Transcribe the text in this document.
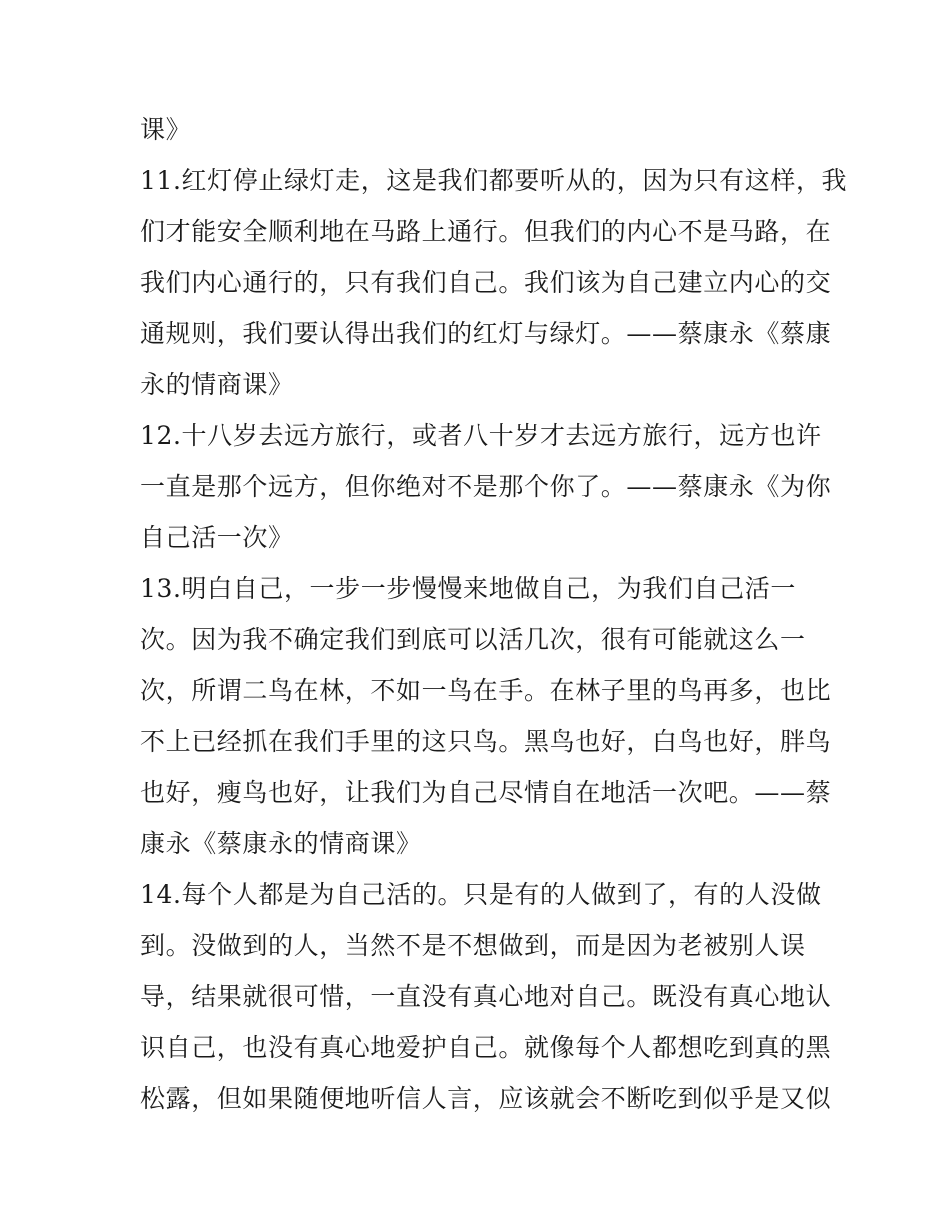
课》
11.红灯停止绿灯走，这是我们都要听从的，因为只有这样，我
们才能安全顺利地在马路上通行。但我们的内心不是马路，在
我们内心通行的，只有我们自己。我们该为自己建立内心的交
通规则，我们要认得出我们的红灯与绿灯。——蔡康永《蔡康
永的情商课》
12.十八岁去远方旅行，或者八十岁才去远方旅行，远方也许
一直是那个远方，但你绝对不是那个你了。——蔡康永《为你
自己活一次》
13.明白自己，一步一步慢慢来地做自己，为我们自己活一
次。因为我不确定我们到底可以活几次，很有可能就这么一
次，所谓二鸟在林，不如一鸟在手。在林子里的鸟再多，也比
不上已经抓在我们手里的这只鸟。黑鸟也好，白鸟也好，胖鸟
也好，瘦鸟也好，让我们为自己尽情自在地活一次吧。——蔡
康永《蔡康永的情商课》
14.每个人都是为自己活的。只是有的人做到了，有的人没做
到。没做到的人，当然不是不想做到，而是因为老被别人误
导，结果就很可惜，一直没有真心地对自己。既没有真心地认
识自己，也没有真心地爱护自己。就像每个人都想吃到真的黑
松露，但如果随便地听信人言，应该就会不断吃到似乎是又似
